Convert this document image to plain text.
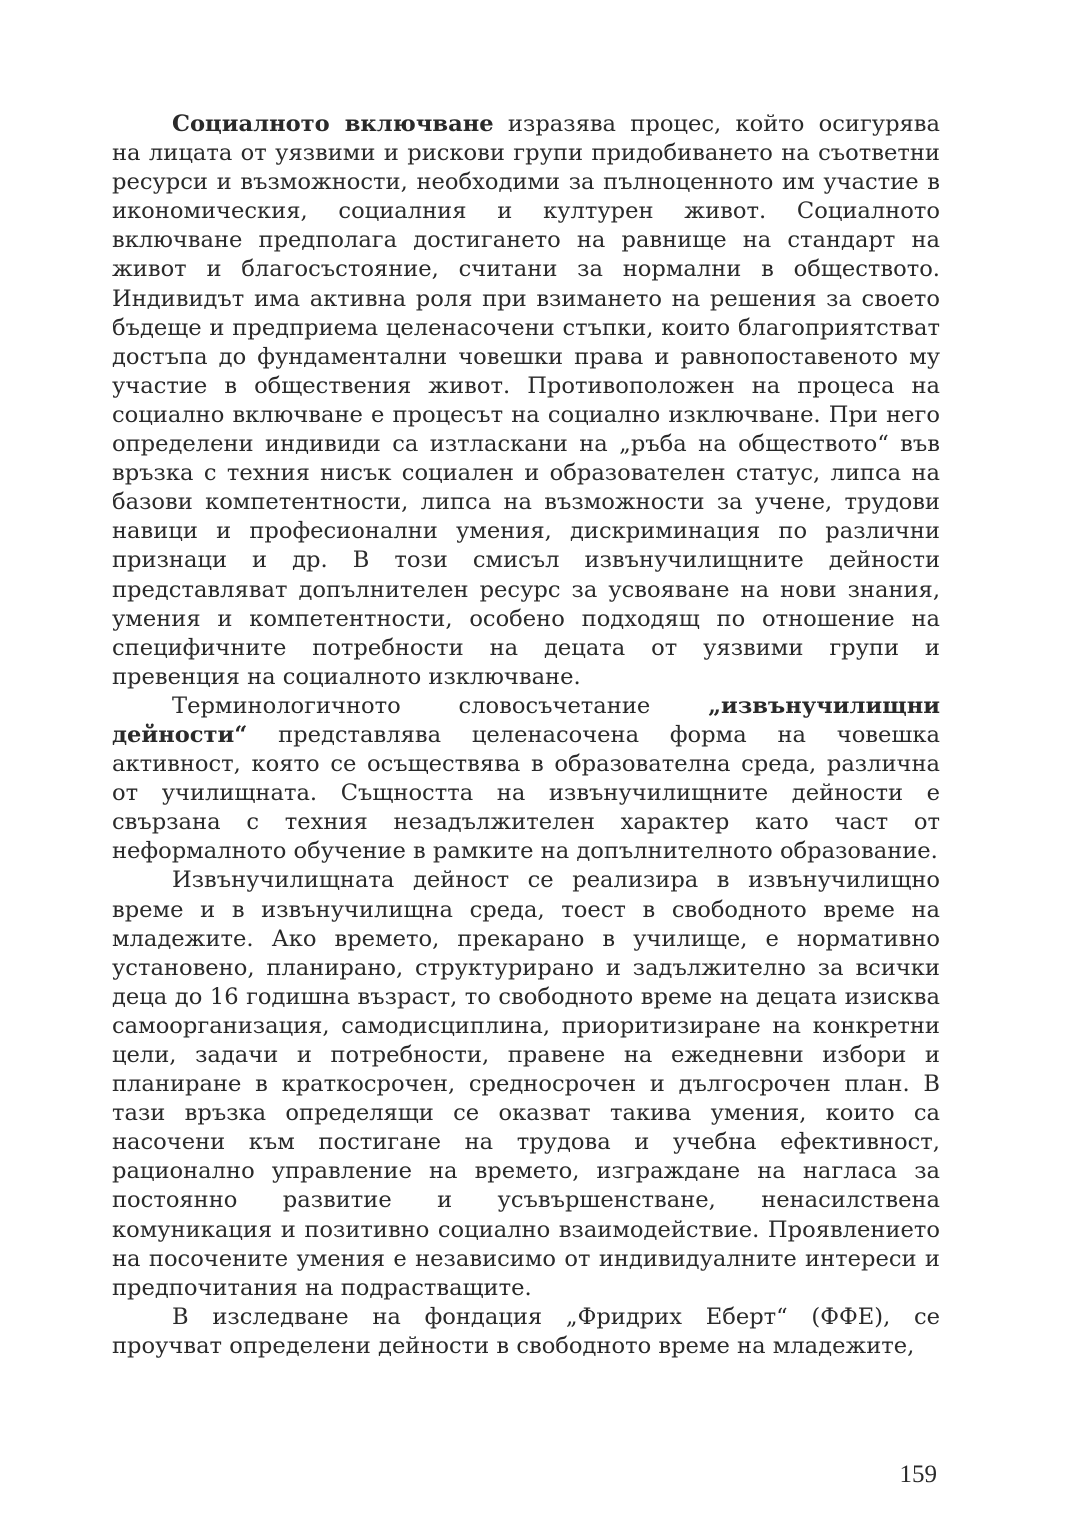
Социалното включване изразява процес, който осигурява на лицата от уязвими и рискови групи придобиването на съответни ресурси и възможности, необходими за пълноценното им участие в икономическия, социалния и културен живот. Социалното включване предполага достигането на равнище на стандарт на живот и благосъстояние, считани за нормални в обществото. Индивидът има активна роля при взимането на решения за своето бъдеще и предприема целенасочени стъпки, които благоприятстват достъпа до фундаментални човешки права и равнопоставеното му участие в обществения живот. Противоположен на процеса на социално включване е процесът на социално изключване. При него определени индивиди са изтласкани на „ръба на обществото“ във връзка с техния нисък социален и образователен статус, липса на базови компетентности, липса на възможности за учене, трудови навици и професионални умения, дискриминация по различни признаци и др. В този смисъл извънучилищните дейности представляват допълнителен ресурс за усвояване на нови знания, умения и компетентности, особено подходящ по отношение на специфичните потребности на децата от уязвими групи и превенция на социалното изключване.

Терминологичното словосъчетание „извънучилищни дейности“ представлява целенасочена форма на човешка активност, която се осъществява в образователна среда, различна от училищната. Същността на извънучилищните дейности е свързана с техния незадължителен характер като част от неформалното обучение в рамките на допълнителното образование.

Извънучилищната дейност се реализира в извънучилищно време и в извънучилищна среда, тоест в свободното време на младежите. Ако времето, прекарано в училище, е нормативно установено, планирано, структурирано и задължително за всички деца до 16 годишна възраст, то свободното време на децата изисква самоорганизация, самодисциплина, приоритизиране на конкретни цели, задачи и потребности, правене на ежедневни избори и планиране в краткосрочен, средносрочен и дългосрочен план. В тази връзка определящи се оказват такива умения, които са насочени към постигане на трудова и учебна ефективност, рационално управление на времето, изграждане на нагласа за постоянно развитие и усъвършенстване, ненасилствена комуникация и позитивно социално взаимодействие. Проявлението на посочените умения е независимо от индивидуалните интереси и предпочитания на подрастващите.

В изследване на фондация „Фридрих Еберт“ (ФФЕ), се проучват определени дейности в свободното време на младежите,

159
